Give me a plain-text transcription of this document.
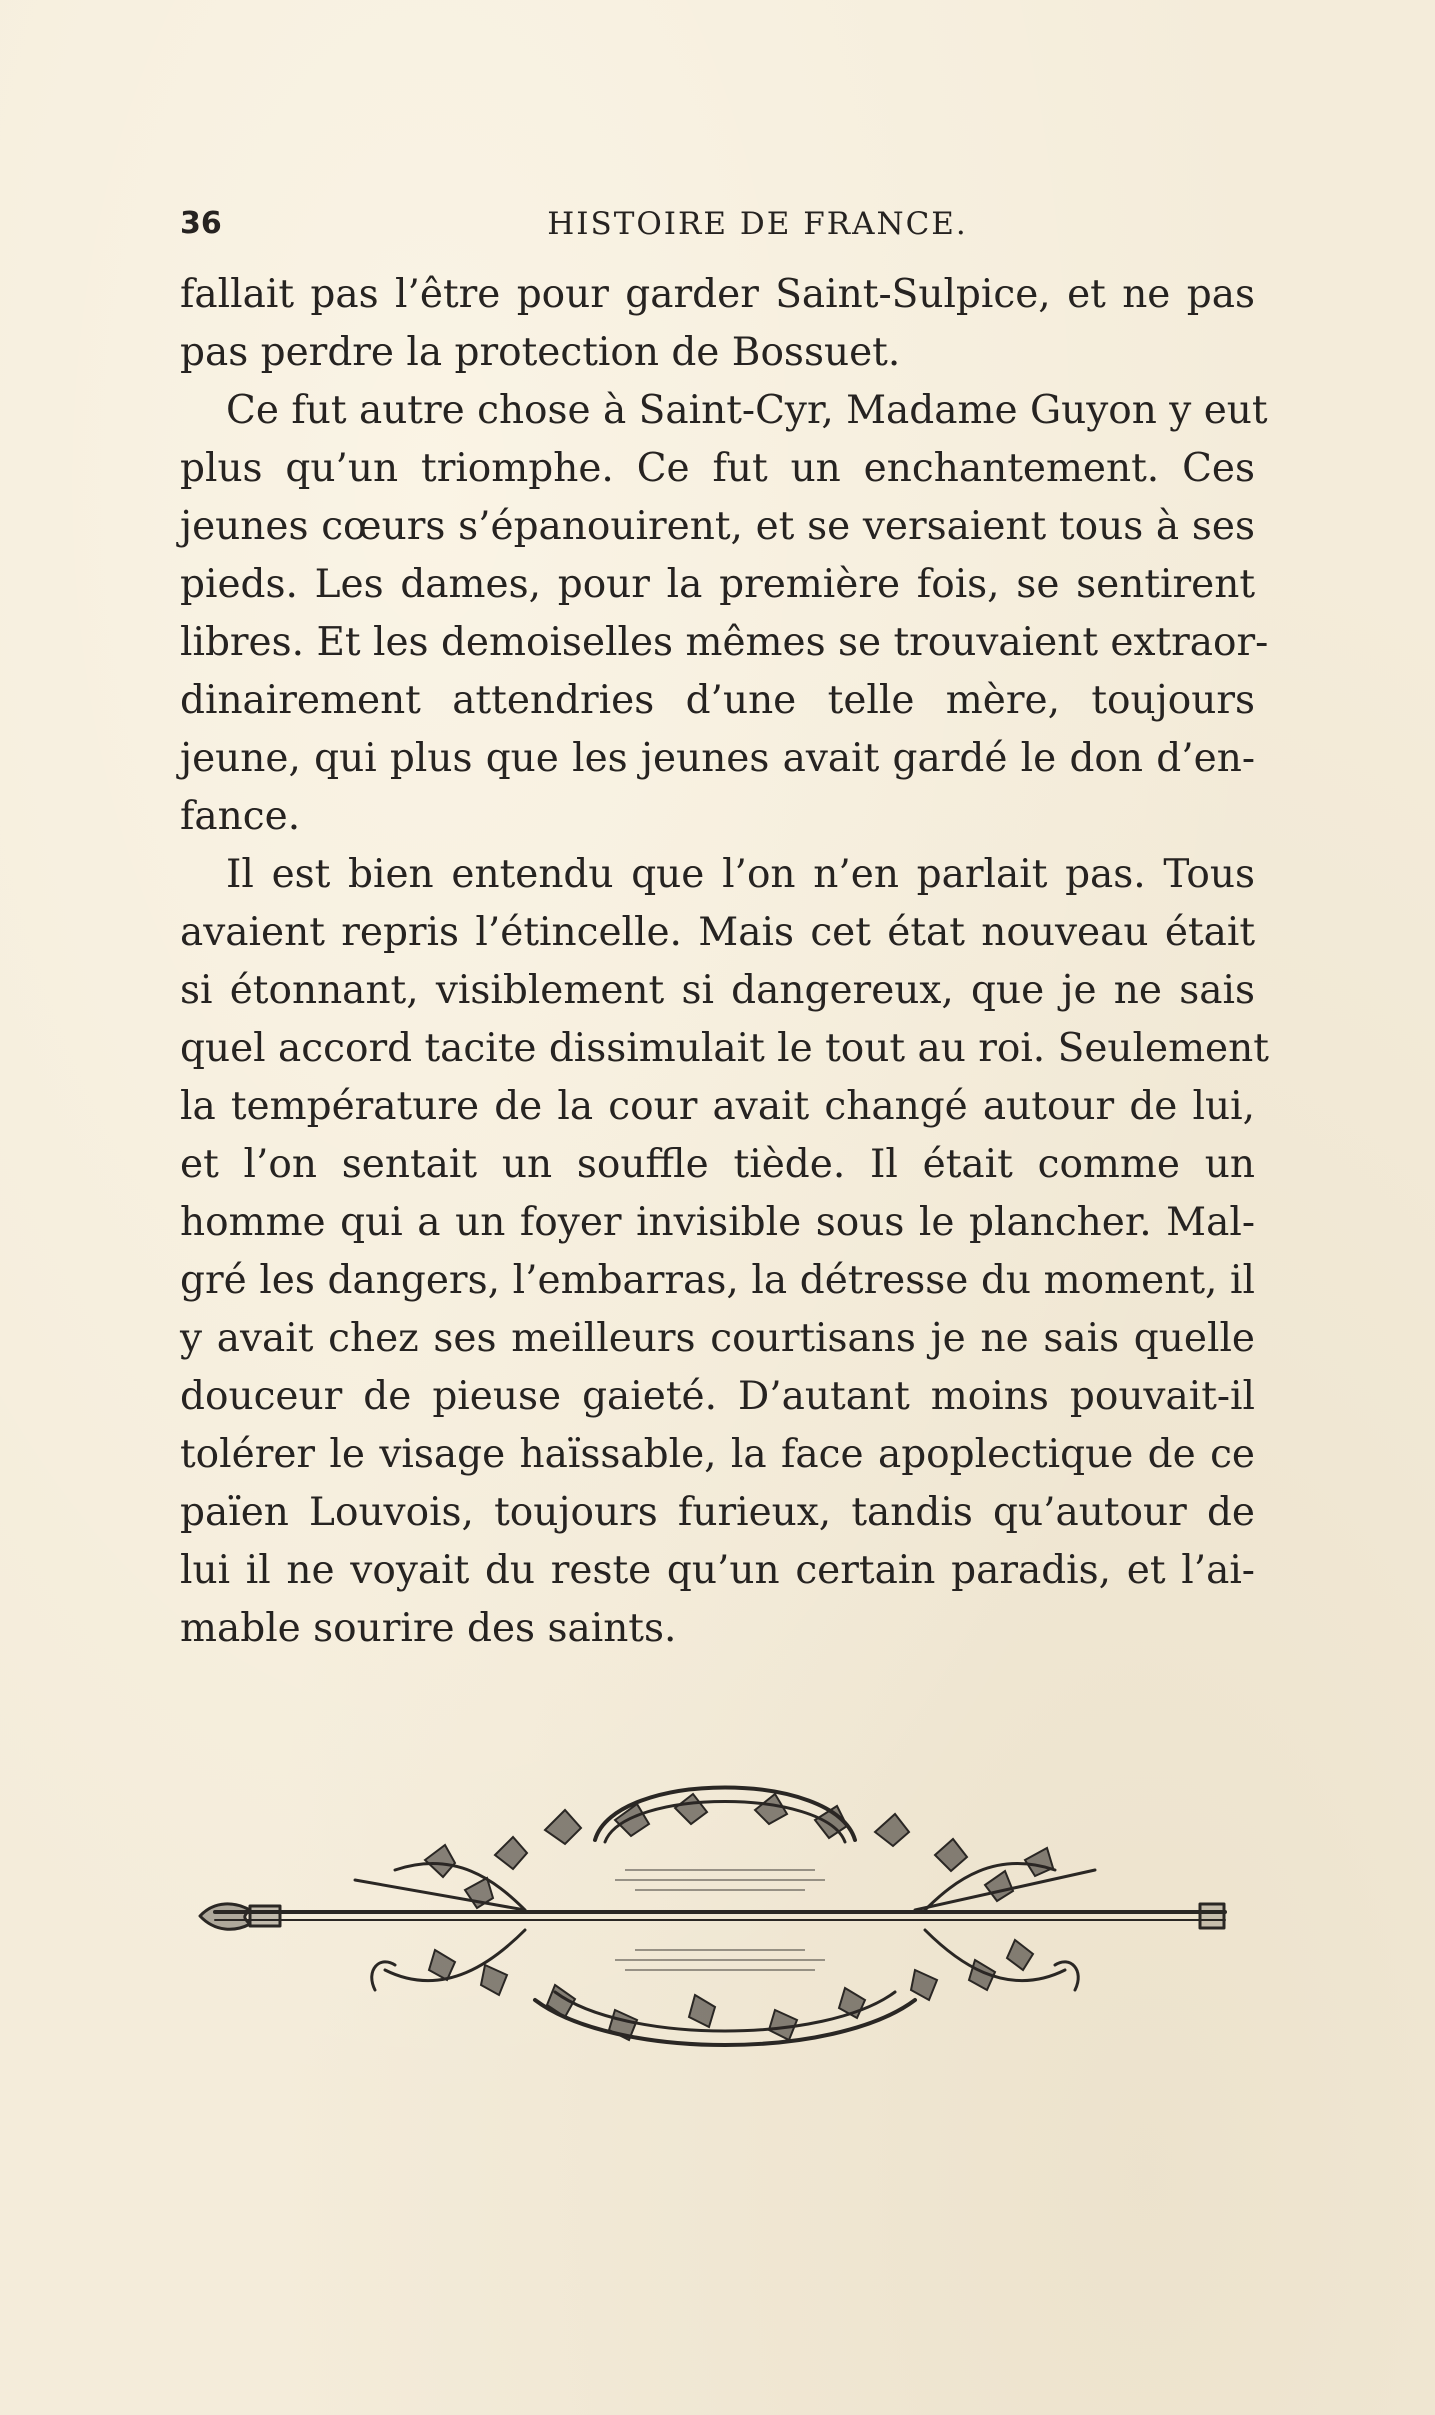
36	HISTOIRE DE FRANCE.

fallait pas l’être pour garder Saint-Sulpice, et ne pas
pas perdre la protection de Bossuet.

Ce fut autre chose à Saint-Cyr, Madame Guyon y eut
plus qu’un triomphe. Ce fut un enchantement. Ces
jeunes cœurs s’épanouirent, et se versaient tous à ses
pieds. Les dames, pour la première fois, se sentirent
libres. Et les demoiselles mêmes se trouvaient extraor-
dinairement attendries d’une telle mère, toujours
jeune, qui plus que les jeunes avait gardé le don d’en-
fance.

Il est bien entendu que l’on n’en parlait pas. Tous
avaient repris l’étincelle. Mais cet état nouveau était
si étonnant, visiblement si dangereux, que je ne sais
quel accord tacite dissimulait le tout au roi. Seulement
la température de la cour avait changé autour de lui,
et l’on sentait un souffle tiède. Il était comme un
homme qui a un foyer invisible sous le plancher. Mal-
gré les dangers, l’embarras, la détresse du moment, il
y avait chez ses meilleurs courtisans je ne sais quelle
douceur de pieuse gaieté. D’autant moins pouvait-il
tolérer le visage haïssable, la face apoplectique de ce
païen Louvois, toujours furieux, tandis qu’autour de
lui il ne voyait du reste qu’un certain paradis, et l’ai-
mable sourire des saints.
